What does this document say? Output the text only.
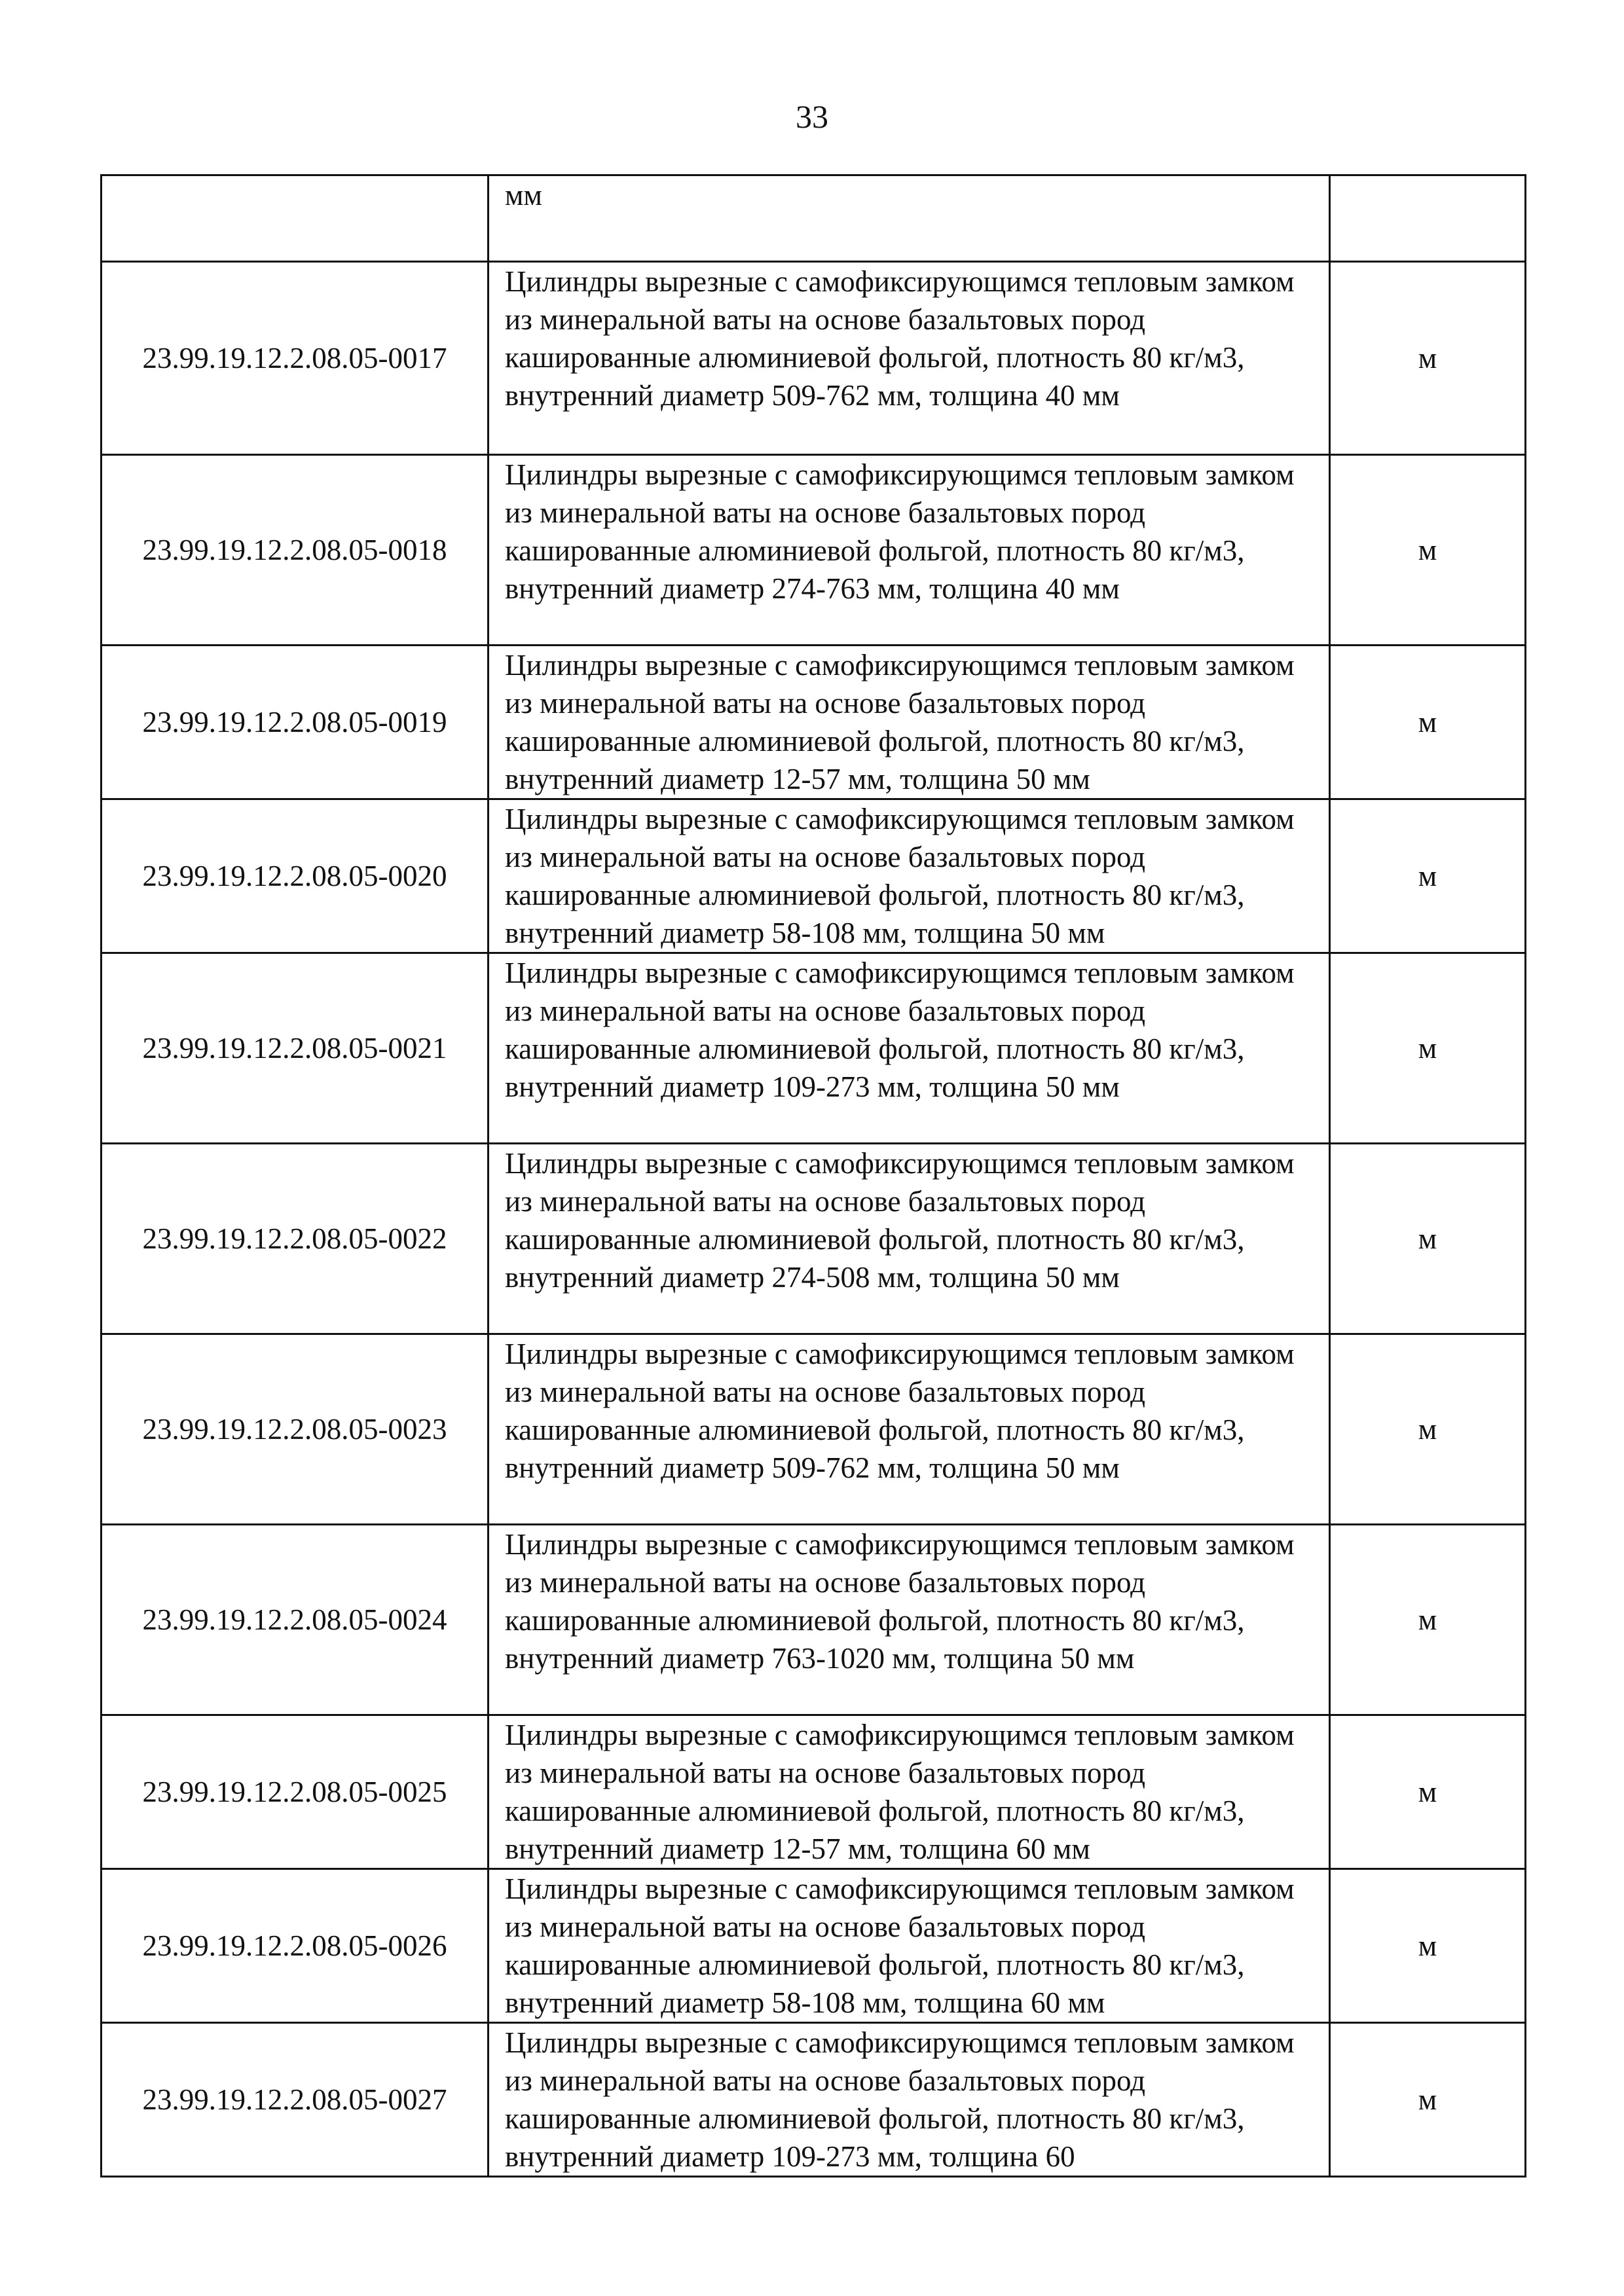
33

	мм	

23.99.19.12.2.08.05-0017	Цилиндры вырезные с самофиксирующимся тепловым замком из минеральной ваты на основе базальтовых пород кашированные алюминиевой фольгой, плотность 80 кг/м3, внутренний диаметр 509-762 мм, толщина 40 мм	м
23.99.19.12.2.08.05-0018	Цилиндры вырезные с самофиксирующимся тепловым замком из минеральной ваты на основе базальтовых пород кашированные алюминиевой фольгой, плотность 80 кг/м3, внутренний диаметр 274-763 мм, толщина 40 мм	м
23.99.19.12.2.08.05-0019	Цилиндры вырезные с самофиксирующимся тепловым замком из минеральной ваты на основе базальтовых пород кашированные алюминиевой фольгой, плотность 80 кг/м3, внутренний диаметр 12-57 мм, толщина 50 мм	м
23.99.19.12.2.08.05-0020	Цилиндры вырезные с самофиксирующимся тепловым замком из минеральной ваты на основе базальтовых пород кашированные алюминиевой фольгой, плотность 80 кг/м3, внутренний диаметр 58-108 мм, толщина 50 мм	м
23.99.19.12.2.08.05-0021	Цилиндры вырезные с самофиксирующимся тепловым замком из минеральной ваты на основе базальтовых пород кашированные алюминиевой фольгой, плотность 80 кг/м3, внутренний диаметр 109-273 мм, толщина 50 мм	м
23.99.19.12.2.08.05-0022	Цилиндры вырезные с самофиксирующимся тепловым замком из минеральной ваты на основе базальтовых пород кашированные алюминиевой фольгой, плотность 80 кг/м3, внутренний диаметр 274-508 мм, толщина 50 мм	м
23.99.19.12.2.08.05-0023	Цилиндры вырезные с самофиксирующимся тепловым замком из минеральной ваты на основе базальтовых пород кашированные алюминиевой фольгой, плотность 80 кг/м3, внутренний диаметр 509-762 мм, толщина 50 мм	м
23.99.19.12.2.08.05-0024	Цилиндры вырезные с самофиксирующимся тепловым замком из минеральной ваты на основе базальтовых пород кашированные алюминиевой фольгой, плотность 80 кг/м3, внутренний диаметр 763-1020 мм, толщина 50 мм	м
23.99.19.12.2.08.05-0025	Цилиндры вырезные с самофиксирующимся тепловым замком из минеральной ваты на основе базальтовых пород кашированные алюминиевой фольгой, плотность 80 кг/м3, внутренний диаметр 12-57 мм, толщина 60 мм	м
23.99.19.12.2.08.05-0026	Цилиндры вырезные с самофиксирующимся тепловым замком из минеральной ваты на основе базальтовых пород кашированные алюминиевой фольгой, плотность 80 кг/м3, внутренний диаметр 58-108 мм, толщина 60 мм	м
23.99.19.12.2.08.05-0027	Цилиндры вырезные с самофиксирующимся тепловым замком из минеральной ваты на основе базальтовых пород кашированные алюминиевой фольгой, плотность 80 кг/м3, внутренний диаметр 109-273 мм, толщина 60	м
